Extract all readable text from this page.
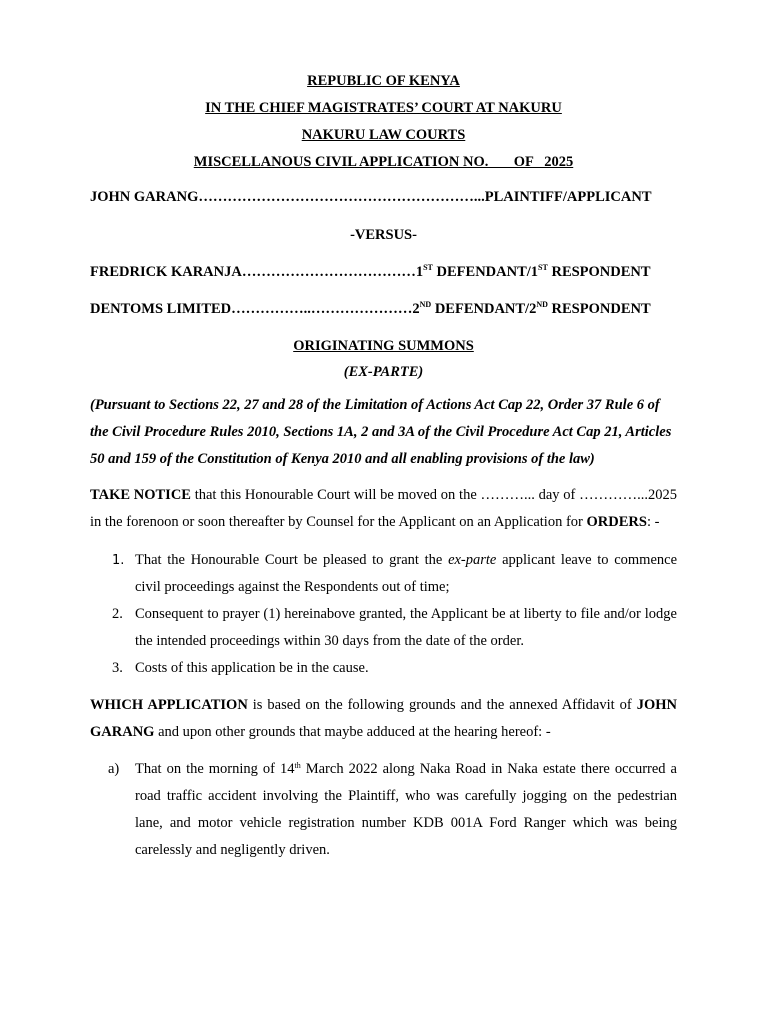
REPUBLIC OF KENYA
IN THE CHIEF MAGISTRATES’ COURT AT NAKURU
NAKURU LAW COURTS
MISCELLANOUS CIVIL APPLICATION NO.       OF   2025
JOHN GARANG…………………………………………………...PLAINTIFF/APPLICANT
-VERSUS-
FREDRICK KARANJA………………………………1ST DEFENDANT/1ST RESPONDENT
DENTOMS LIMITED……………..…………………2ND DEFENDANT/2ND RESPONDENT
ORIGINATING SUMMONS
(EX-PARTE)

(Pursuant to Sections 22, 27 and 28 of the Limitation of Actions Act Cap 22, Order 37 Rule 6 of the Civil Procedure Rules 2010, Sections 1A, 2 and 3A of the Civil Procedure Act Cap 21, Articles 50 and 159 of the Constitution of Kenya 2010 and all enabling provisions of the law)

TAKE NOTICE that this Honourable Court will be moved on the ………... day of …………...2025 in the forenoon or soon thereafter by Counsel for the Applicant on an Application for ORDERS: -

1. That the Honourable Court be pleased to grant the ex-parte applicant leave to commence civil proceedings against the Respondents out of time;
2. Consequent to prayer (1) hereinabove granted, the Applicant be at liberty to file and/or lodge the intended proceedings within 30 days from the date of the order.
3. Costs of this application be in the cause.

WHICH APPLICATION is based on the following grounds and the annexed Affidavit of JOHN GARANG and upon other grounds that maybe adduced at the hearing hereof: -

a) That on the morning of 14th March 2022 along Naka Road in Naka estate there occurred a road traffic accident involving the Plaintiff, who was carefully jogging on the pedestrian lane, and motor vehicle registration number KDB 001A Ford Ranger which was being carelessly and negligently driven.
